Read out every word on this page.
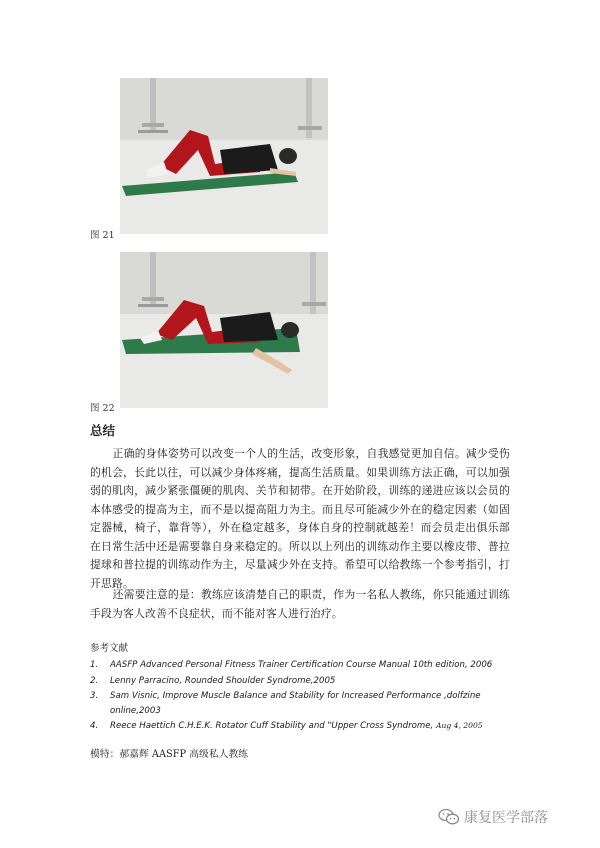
图 21
图 22
总结
正确的身体姿势可以改变一个人的生活，改变形象，自我感觉更加自信。减少受伤的机会，长此以往，可以减少身体疼痛，提高生活质量。如果训练方法正确，可以加强弱的肌肉，减少紧张僵硬的肌肉、关节和韧带。在开始阶段，训练的递进应该以会员的本体感受的提高为主，而不是以提高阻力为主。而且尽可能减少外在的稳定因素（如固定器械，椅子，靠背等），外在稳定越多，身体自身的控制就越差！而会员走出俱乐部在日常生活中还是需要靠自身来稳定的。所以以上列出的训练动作主要以橡皮带、普拉提球和普拉提的训练动作为主，尽量减少外在支持。希望可以给教练一个参考指引，打开思路。
还需要注意的是：教练应该清楚自己的职责，作为一名私人教练，你只能通过训练手段为客人改善不良症状，而不能对客人进行治疗。
参考文献
1. AASFP Advanced Personal Fitness Trainer Certification Course Manual 10th edition, 2006
2. Lenny Parracino, Rounded Shoulder Syndrome,2005
3. Sam Visnic, Improve Muscle Balance and Stability for Increased Performance ,dolfzine online,2003
4. Reece Haettich C.H.E.K. Rotator Cuff Stability and "Upper Cross Syndrome, Aug 4, 2005
模特：郝嘉辉 AASFP 高级私人教练
康复医学部落
